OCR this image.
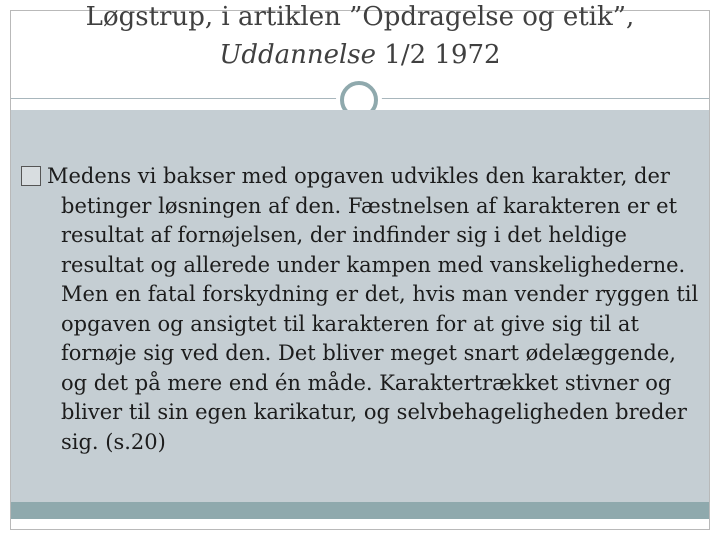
Løgstrup, i artiklen ”Opdragelse og etik”,
Uddannelse 1/2 1972
Medens vi bakser med opgaven udvikles den karakter, der betinger løsningen af den. Fæstnelsen af karakteren er et resultat af fornøjelsen, der indfinder sig i det heldige resultat og allerede under kampen med vanskelighederne. Men en fatal forskydning er det, hvis man vender ryggen til opgaven og ansigtet til karakteren for at give sig til at fornøje sig ved den. Det bliver meget snart ødelæggende, og det på mere end én måde. Karaktertrækket stivner og bliver til sin egen karikatur, og selvbehageligheden breder sig. (s.20)
